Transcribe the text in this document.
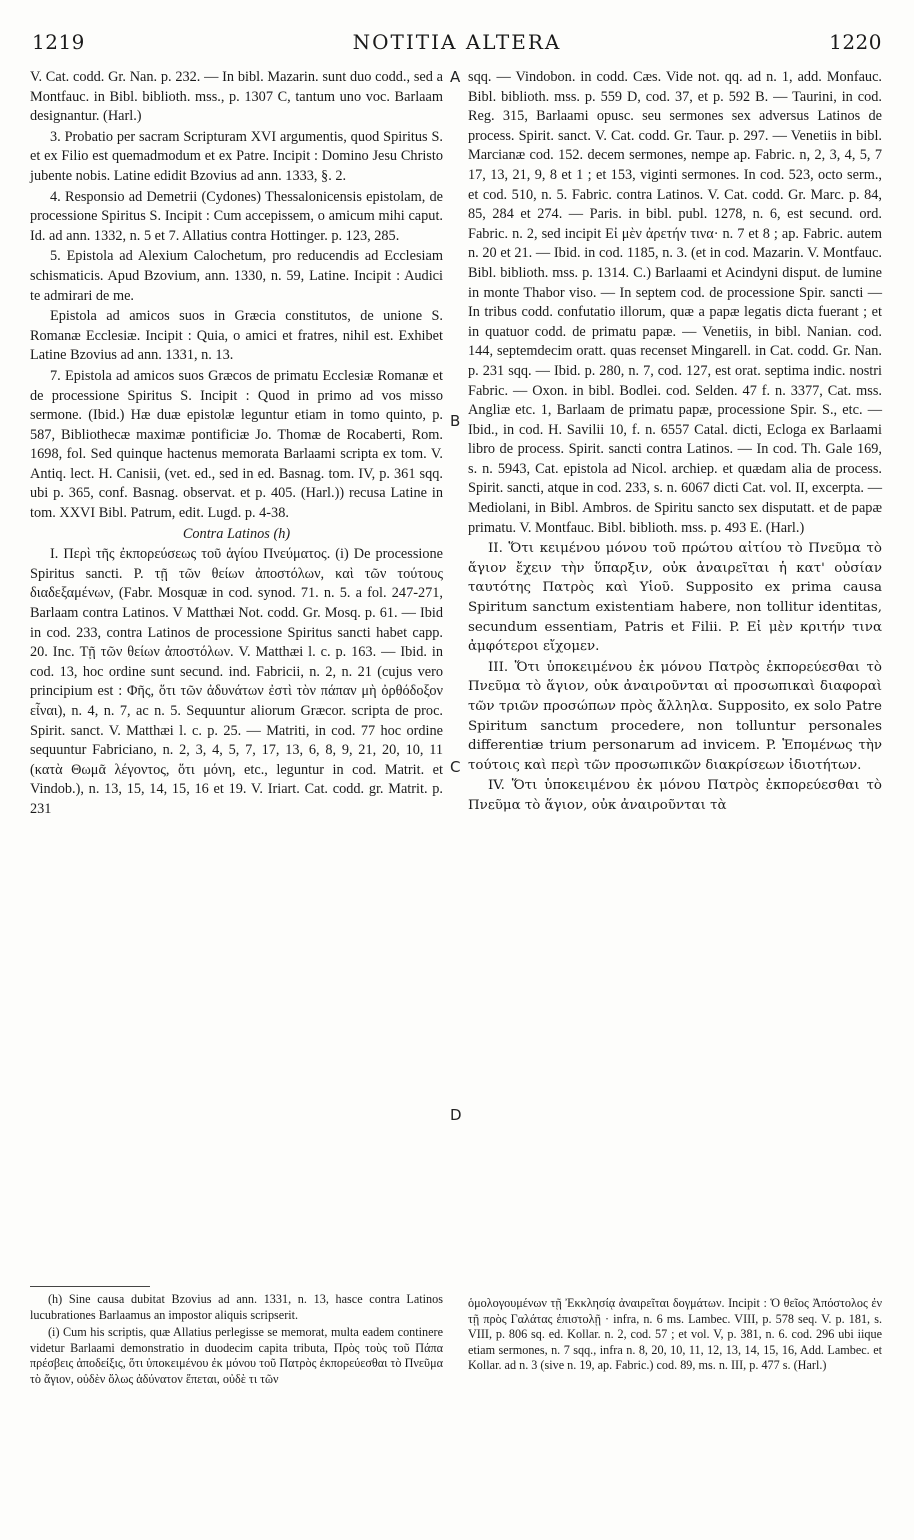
1219	NOTITIA ALTERA	1220
A
B
C
D

V. Cat. codd. Gr. Nan. p. 232. — In bibl. Mazarin. sunt duo codd., sed a Montfauc. in Bibl. biblioth. mss., p. 1307 C, tantum uno voc. Barlaam designantur. (Harl.)

3. Probatio per sacram Scripturam XVI argumentis, quod Spiritus S. et ex Filio est quemadmodum et ex Patre. Incipit : Domino Jesu Christo jubente nobis. Latine edidit Bzovius ad ann. 1333, §. 2.

4. Responsio ad Demetrii (Cydones) Thessalonicensis epistolam, de processione Spiritus S. Incipit : Cum accepissem, o amicum mihi caput. Id. ad ann. 1332, n. 5 et 7. Allatius contra Hottinger. p. 123, 285.

5. Epistola ad Alexium Calochetum, pro reducendis ad Ecclesiam schismaticis. Apud Bzovium, ann. 1330, n. 59, Latine. Incipit : Audici te admirari de me.

Epistola ad amicos suos in Græcia constitutos, de unione S. Romanæ Ecclesiæ. Incipit : Quia, o amici et fratres, nihil est. Exhibet Latine Bzovius ad ann. 1331, n. 13.

7. Epistola ad amicos suos Græcos de primatu Ecclesiæ Romanæ et de processione Spiritus S. Incipit : Quod in primo ad vos misso sermone. (Ibid.) Hæ duæ epistolæ leguntur etiam in tomo quinto, p. 587, Bibliothecæ maximæ pontificiæ Jo. Thomæ de Rocaberti, Rom. 1698, fol. Sed quinque hactenus memorata Barlaami scripta ex tom. V. Antiq. lect. H. Canisii, (vet. ed., sed in ed. Basnag. tom. IV, p. 361 sqq. ubi p. 365, conf. Basnag. observat. et p. 405. (Harl.)) recusa Latine in tom. XXVI Bibl. Patrum, edit. Lugd. p. 4-38.

Contra Latinos (h)

I. Περὶ τῆς ἐκπορεύσεως τοῦ ἁγίου Πνεύματος. (i) De processione Spiritus sancti. P. τῇ τῶν θείων ἀποστόλων, καὶ τῶν τούτους διαδεξαμένων, (Fabr. Mosquæ in cod. synod. 71. n. 5. a fol. 247-271, Barlaam contra Latinos. V Matthæi Not. codd. Gr. Mosq. p. 61. — Ibid in cod. 233, contra Latinos de processione Spiritus sancti habet capp. 20. Inc. Τῇ τῶν θείων ἀποστόλων. V. Matthæi l. c. p. 163. — Ibid. in cod. 13, hoc ordine sunt secund. ind. Fabricii, n. 2, n. 21 (cujus vero principium est : Φῆς, ὅτι τῶν ἀδυνάτων ἐστὶ τὸν πάπαν μὴ ὀρθόδοξον εἶναι), n. 4, n. 7, ac n. 5. Sequuntur aliorum Græcor. scripta de proc. Spirit. sanct. V. Matthæi l. c. p. 25. — Matriti, in cod. 77 hoc ordine sequuntur Fabriciano, n. 2, 3, 4, 5, 7, 17, 13, 6, 8, 9, 21, 20, 10, 11 (κατὰ Θωμᾶ λέγοντος, ὅτι μόνη, etc., leguntur in cod. Matrit. et Vindob.), n. 13, 15, 14, 15, 16 et 19. V. Iriart. Cat. codd. gr. Matrit. p. 231

sqq. — Vindobon. in codd. Cæs. Vide not. qq. ad n. 1, add. Monfauc. Bibl. biblioth. mss. p. 559 D, cod. 37, et p. 592 B. — Taurini, in cod. Reg. 315, Barlaami opusc. seu sermones sex adversus Latinos de process. Spirit. sanct. V. Cat. codd. Gr. Taur. p. 297. — Venetiis in bibl. Marcianæ cod. 152. decem sermones, nempe ap. Fabric. n, 2, 3, 4, 5, 7 17, 13, 21, 9, 8 et 1 ; et 153, viginti sermones. In cod. 523, octo serm., et cod. 510, n. 5. Fabric. contra Latinos. V. Cat. codd. Gr. Marc. p. 84, 85, 284 et 274. — Paris. in bibl. publ. 1278, n. 6, est secund. ord. Fabric. n. 2, sed incipit Εἰ μὲν ἀρετήν τινα· n. 7 et 8 ; ap. Fabric. autem n. 20 et 21. — Ibid. in cod. 1185, n. 3. (et in cod. Mazarin. V. Montfauc. Bibl. biblioth. mss. p. 1314. C.) Barlaami et Acindyni disput. de lumine in monte Thabor viso. — In septem cod. de processione Spir. sancti — In tribus codd. confutatio illorum, quæ a papæ legatis dicta fuerant ; et in quatuor codd. de primatu papæ. — Venetiis, in bibl. Nanian. cod. 144, septemdecim oratt. quas recenset Mingarell. in Cat. codd. Gr. Nan. p. 231 sqq. — Ibid. p. 280, n. 7, cod. 127, est orat. septima indic. nostri Fabric. — Oxon. in bibl. Bodlei. cod. Selden. 47 f. n. 3377, Cat. mss. Angliæ etc. 1, Barlaam de primatu papæ, processione Spir. S., etc. — Ibid., in cod. H. Savilii 10, f. n. 6557 Catal. dicti, Ecloga ex Barlaami libro de process. Spirit. sancti contra Latinos. — In cod. Th. Gale 169, s. n. 5943, Cat. epistola ad Nicol. archiep. et quædam alia de process. Spirit. sancti, atque in cod. 233, s. n. 6067 dicti Cat. vol. II, excerpta. — Mediolani, in Bibl. Ambros. de Spiritu sancto sex disputatt. et de papæ primatu. V. Montfauc. Bibl. biblioth. mss. p. 493 E. (Harl.)

II. Ὅτι κειμένου μόνου τοῦ πρώτου αἰτίου τὸ Πνεῦμα τὸ ἅγιον ἔχειν τὴν ὕπαρξιν, οὐκ ἀναιρεῖται ἡ κατ' οὐσίαν ταυτότης Πατρὸς καὶ Υἱοῦ. Supposito ex prima causa Spiritum sanctum existentiam habere, non tollitur identitas, secundum essentiam, Patris et Filii. P. Εἰ μὲν κριτήν τινα ἀμφότεροι εἴχομεν.

III. Ὅτι ὑποκειμένου ἐκ μόνου Πατρὸς ἐκπορεύεσθαι τὸ Πνεῦμα τὸ ἅγιον, οὐκ ἀναιροῦνται αἱ προσωπικαὶ διαφοραὶ τῶν τριῶν προσώπων πρὸς ἄλληλα. Supposito, ex solo Patre Spiritum sanctum procedere, non tolluntur personales differentiæ trium personarum ad invicem. P. Ἑπομένως τὴν τούτοις καὶ περὶ τῶν προσωπικῶν διακρίσεων ἰδιοτήτων.

IV. Ὅτι ὑποκειμένου ἐκ μόνου Πατρὸς ἐκπορεύεσθαι τὸ Πνεῦμα τὸ ἅγιον, οὐκ ἀναιροῦνται τὰ

(h) Sine causa dubitat Bzovius ad ann. 1331, n. 13, hasce contra Latinos lucubrationes Barlaamus an impostor aliquis scripserit.

(i) Cum his scriptis, quæ Allatius perlegisse se memorat, multa eadem continere videtur Barlaami demonstratio in duodecim capita tributa, Πρὸς τοὺς τοῦ Πάπα πρέσβεις ἀποδείξις, ὅτι ὑποκειμένου ἐκ μόνου τοῦ Πατρὸς ἐκπορεύεσθαι τὸ Πνεῦμα τὸ ἅγιον, οὐδὲν ὅλως ἀδύνατον ἕπεται, οὐδὲ τι τῶν

ὁμολογουμένων τῇ Ἐκκλησίᾳ ἀναιρεῖται δογμάτων. Incipit : Ὁ θεῖος Ἀπόστολος ἐν τῇ πρὸς Γαλάτας ἐπιστολῇ · infra, n. 6 ms. Lambec. VIII, p. 578 seq. V. p. 181, s. VIII, p. 806 sq. ed. Kollar. n. 2, cod. 57 ; et vol. V, p. 381, n. 6. cod. 296 ubi iique etiam sermones, n. 7 sqq., infra n. 8, 20, 10, 11, 12, 13, 14, 15, 16, Add. Lambec. et Kollar. ad n. 3 (sive n. 19, ap. Fabric.) cod. 89, ms. n. III, p. 477 s. (Harl.)
